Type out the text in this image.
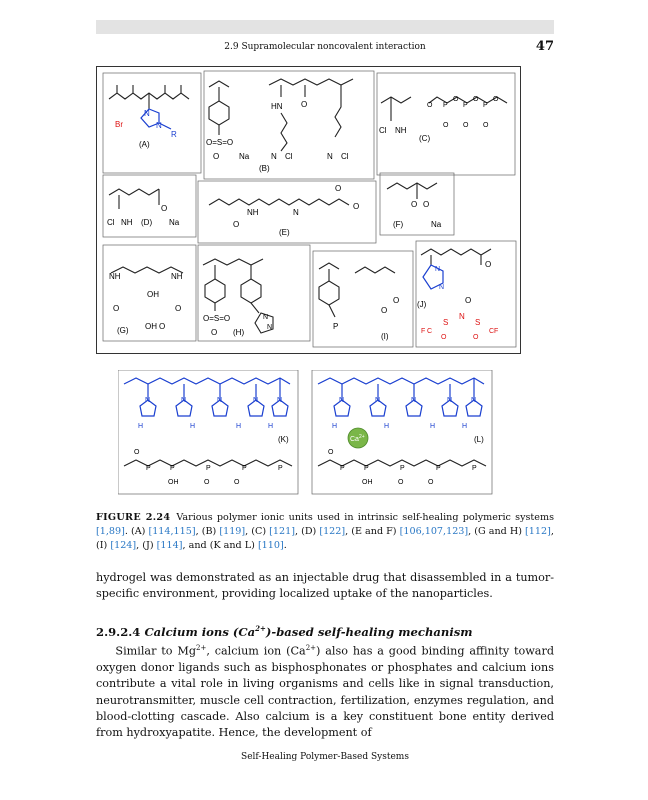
2.9 Supramolecular noncovalent interaction	47
Br
N
N
R
(A)	O=S=O
O Na
HN O
N Cl	N Cl
(B)
Cl NH
O P
O
P
O
P
O
O O O
(C)
Cl NH
O
Na
(D)
NH	N
O
O
O
(E)
O O
Na
(F)
NH	NH
OH
OH
O	O
O
(G)
O=S=O
O
N
N
(H)
P
O
O
(I)
N
N
O
O
F C
S
N
S
CF
O	O
(J)
N	N	N	N	N
H	H	H	H
(K)
O
OH	O	O
P	P	P	P	P
N	N	N	N	N
H	H	H	H
$Ca^{2+}$	(L)
O
OH	O	O
P	P	P	P	P
FIGURE 2.24 Various polymer ionic units used in intrinsic self-healing polymeric systems [1,89]. (A) [114,115], (B) [119], (C) [121], (D) [122], (E and F) [106,107,123], (G and H) [112], (I) [124], (J) [114], and (K and L) [110].
hydrogel was demonstrated as an injectable drug that disassembled in a tumor-specific environment, providing localized uptake of the nanoparticles.
2.9.2.4 Calcium ions $(Ca^{2+})$-based self-healing mechanism
Similar to $Mg^{2+}$, calcium ion $(Ca^{2+})$ also has a good binding affinity toward oxygen donor ligands such as bisphosphonates or phosphates and calcium ions contribute a vital role in living organisms and cells like in signal transduction, neurotransmitter, muscle cell contraction, fertilization, enzymes regulation, and blood-clotting cascade. Also calcium is a key constituent bone entity derived from hydroxyapatite. Hence, the development of
Self-Healing Polymer-Based Systems
